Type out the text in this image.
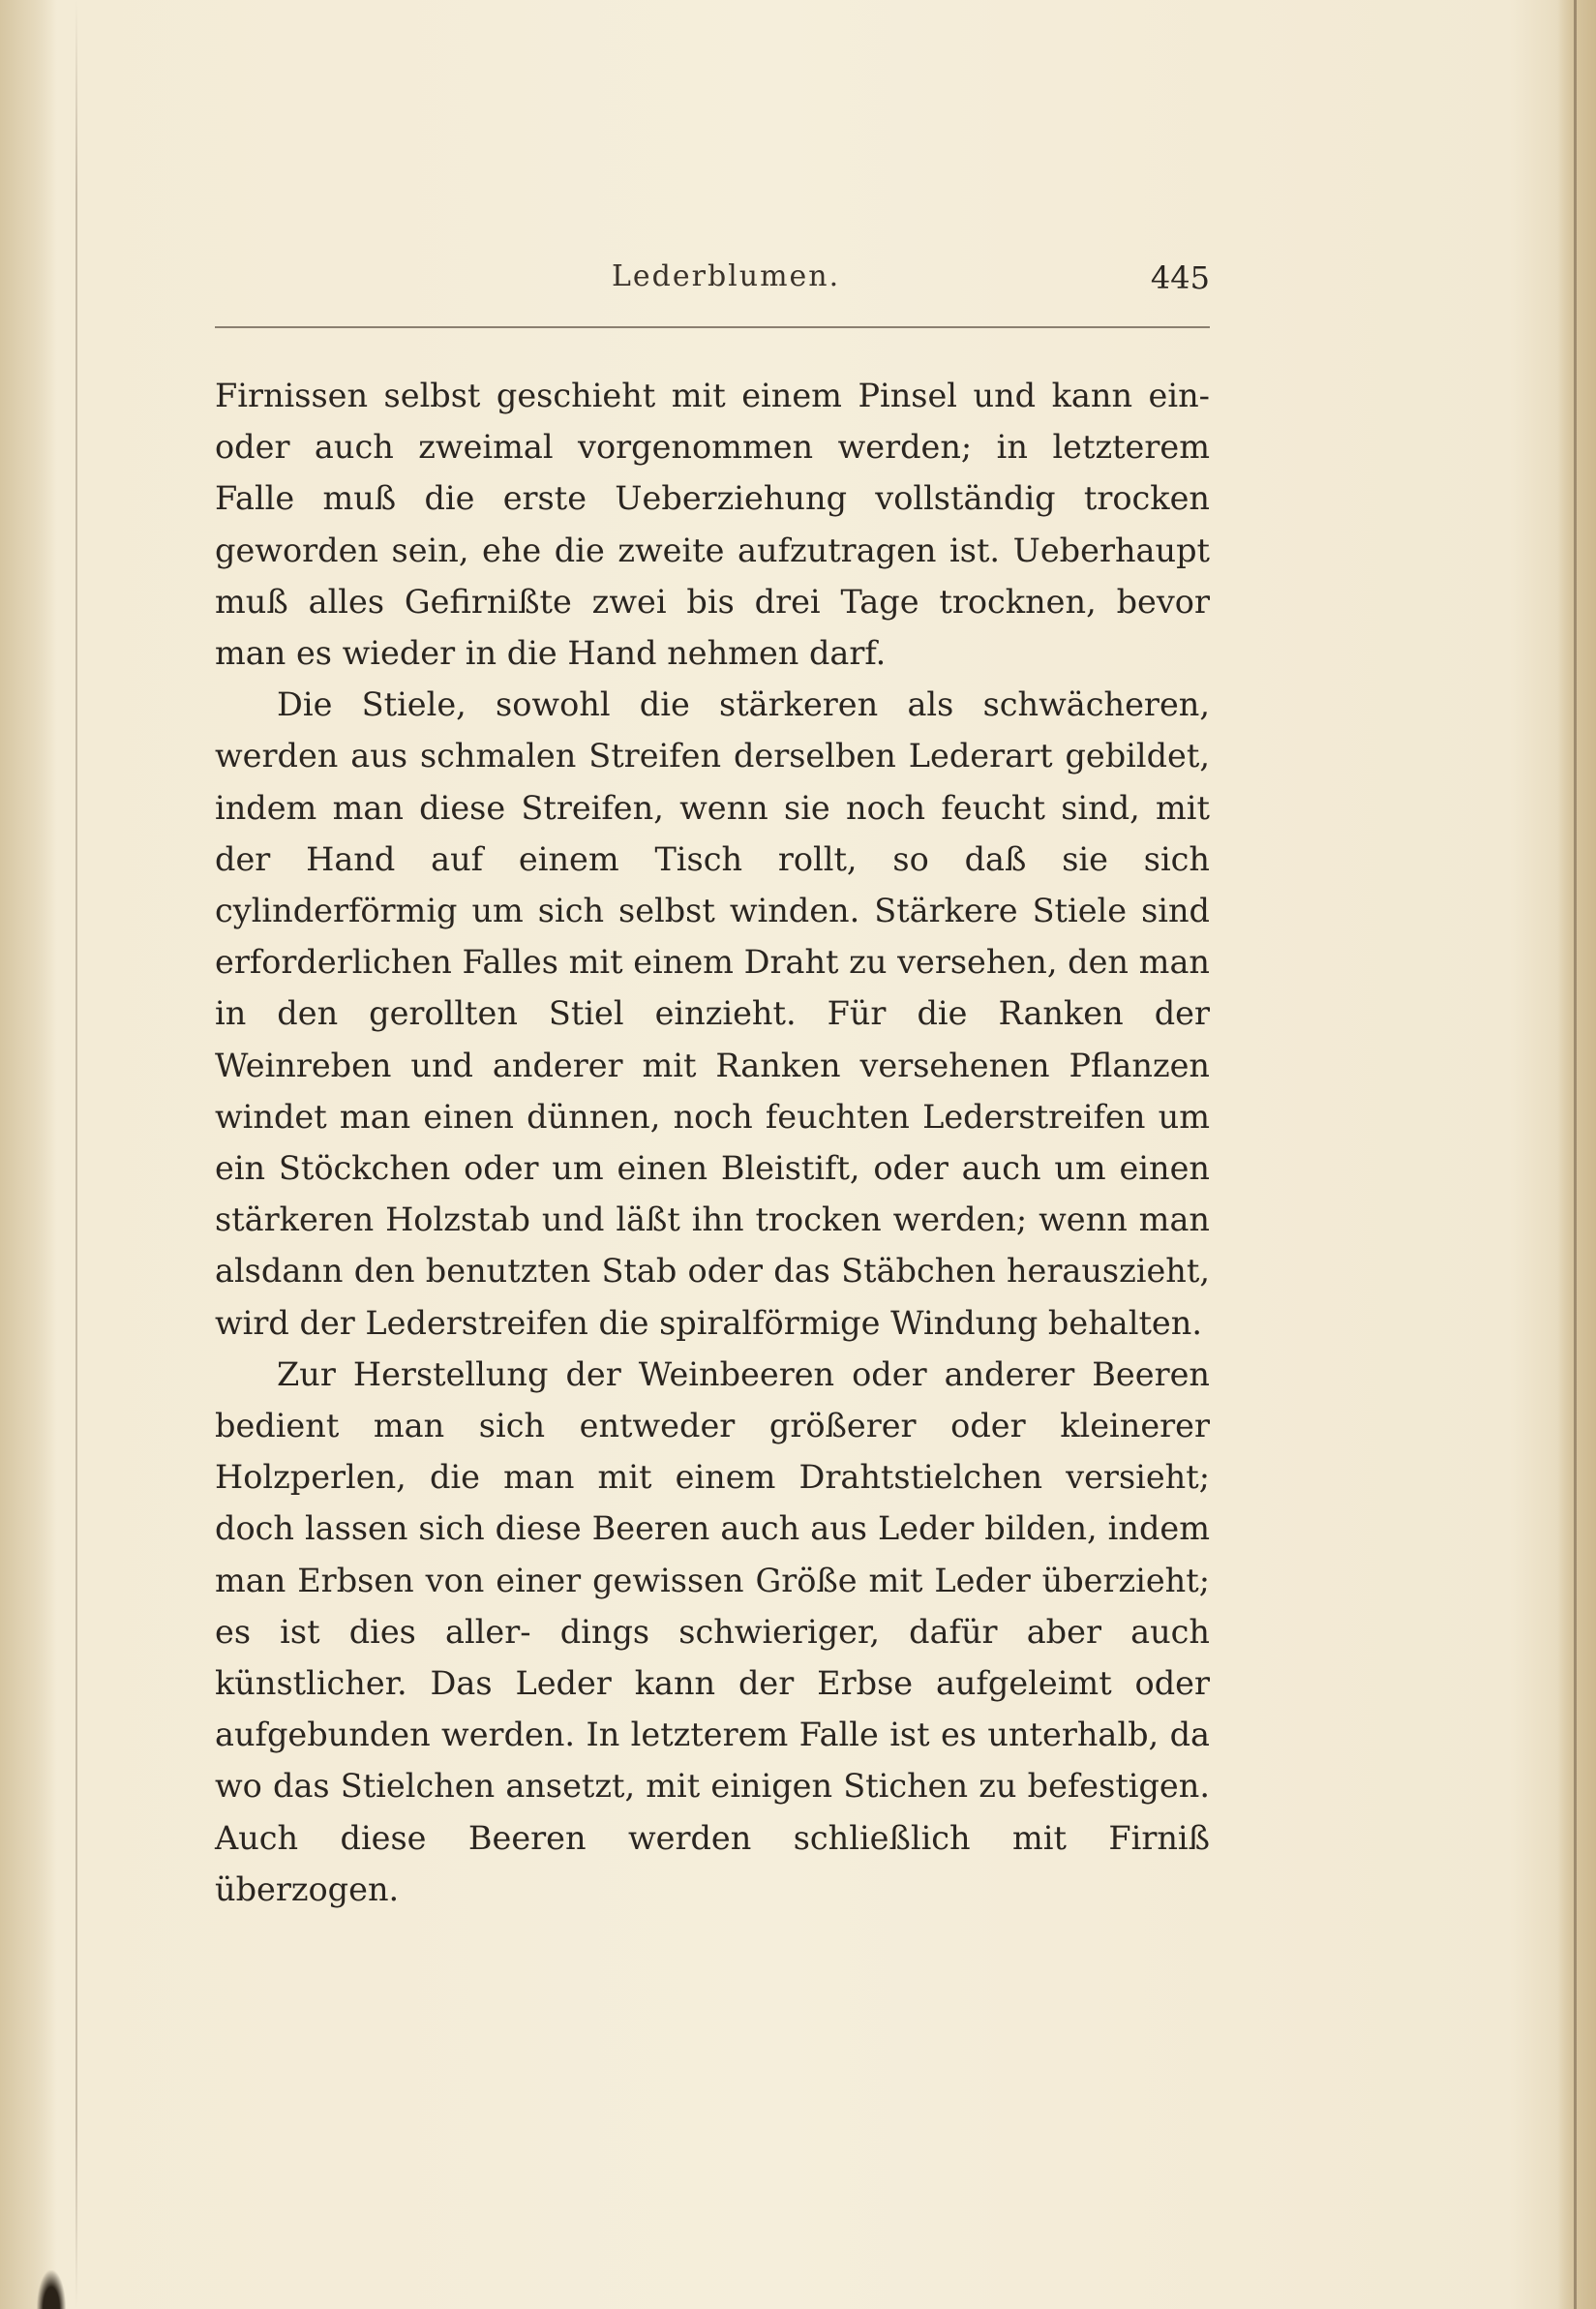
Lederblumen.	445

Firnissen selbst geschieht mit einem Pinsel und kann ein- oder auch zweimal vorgenommen werden; in letzterem Falle muß die erste Ueberziehung vollständig trocken geworden sein, ehe die zweite aufzutragen ist. Ueberhaupt muß alles Gefirnißte zwei bis drei Tage trocknen, bevor man es wieder in die Hand nehmen darf.

Die Stiele, sowohl die stärkeren als schwächeren, werden aus schmalen Streifen derselben Lederart gebildet, indem man diese Streifen, wenn sie noch feucht sind, mit der Hand auf einem Tisch rollt, so daß sie sich cylinderförmig um sich selbst winden. Stärkere Stiele sind erforderlichen Falles mit einem Draht zu versehen, den man in den gerollten Stiel einzieht. Für die Ranken der Weinreben und anderer mit Ranken versehenen Pflanzen windet man einen dünnen, noch feuchten Lederstreifen um ein Stöckchen oder um einen Bleistift, oder auch um einen stärkeren Holzstab und läßt ihn trocken werden; wenn man alsdann den benutzten Stab oder das Stäbchen herauszieht, wird der Lederstreifen die spiralförmige Windung behalten.

Zur Herstellung der Weinbeeren oder anderer Beeren bedient man sich entweder größerer oder kleinerer Holzperlen, die man mit einem Drahtstielchen versieht; doch lassen sich diese Beeren auch aus Leder bilden, indem man Erbsen von einer gewissen Größe mit Leder überzieht; es ist dies aller- dings schwieriger, dafür aber auch künstlicher. Das Leder kann der Erbse aufgeleimt oder aufgebunden werden. In letzterem Falle ist es unterhalb, da wo das Stielchen ansetzt, mit einigen Stichen zu befestigen. Auch diese Beeren werden schließlich mit Firniß überzogen.
